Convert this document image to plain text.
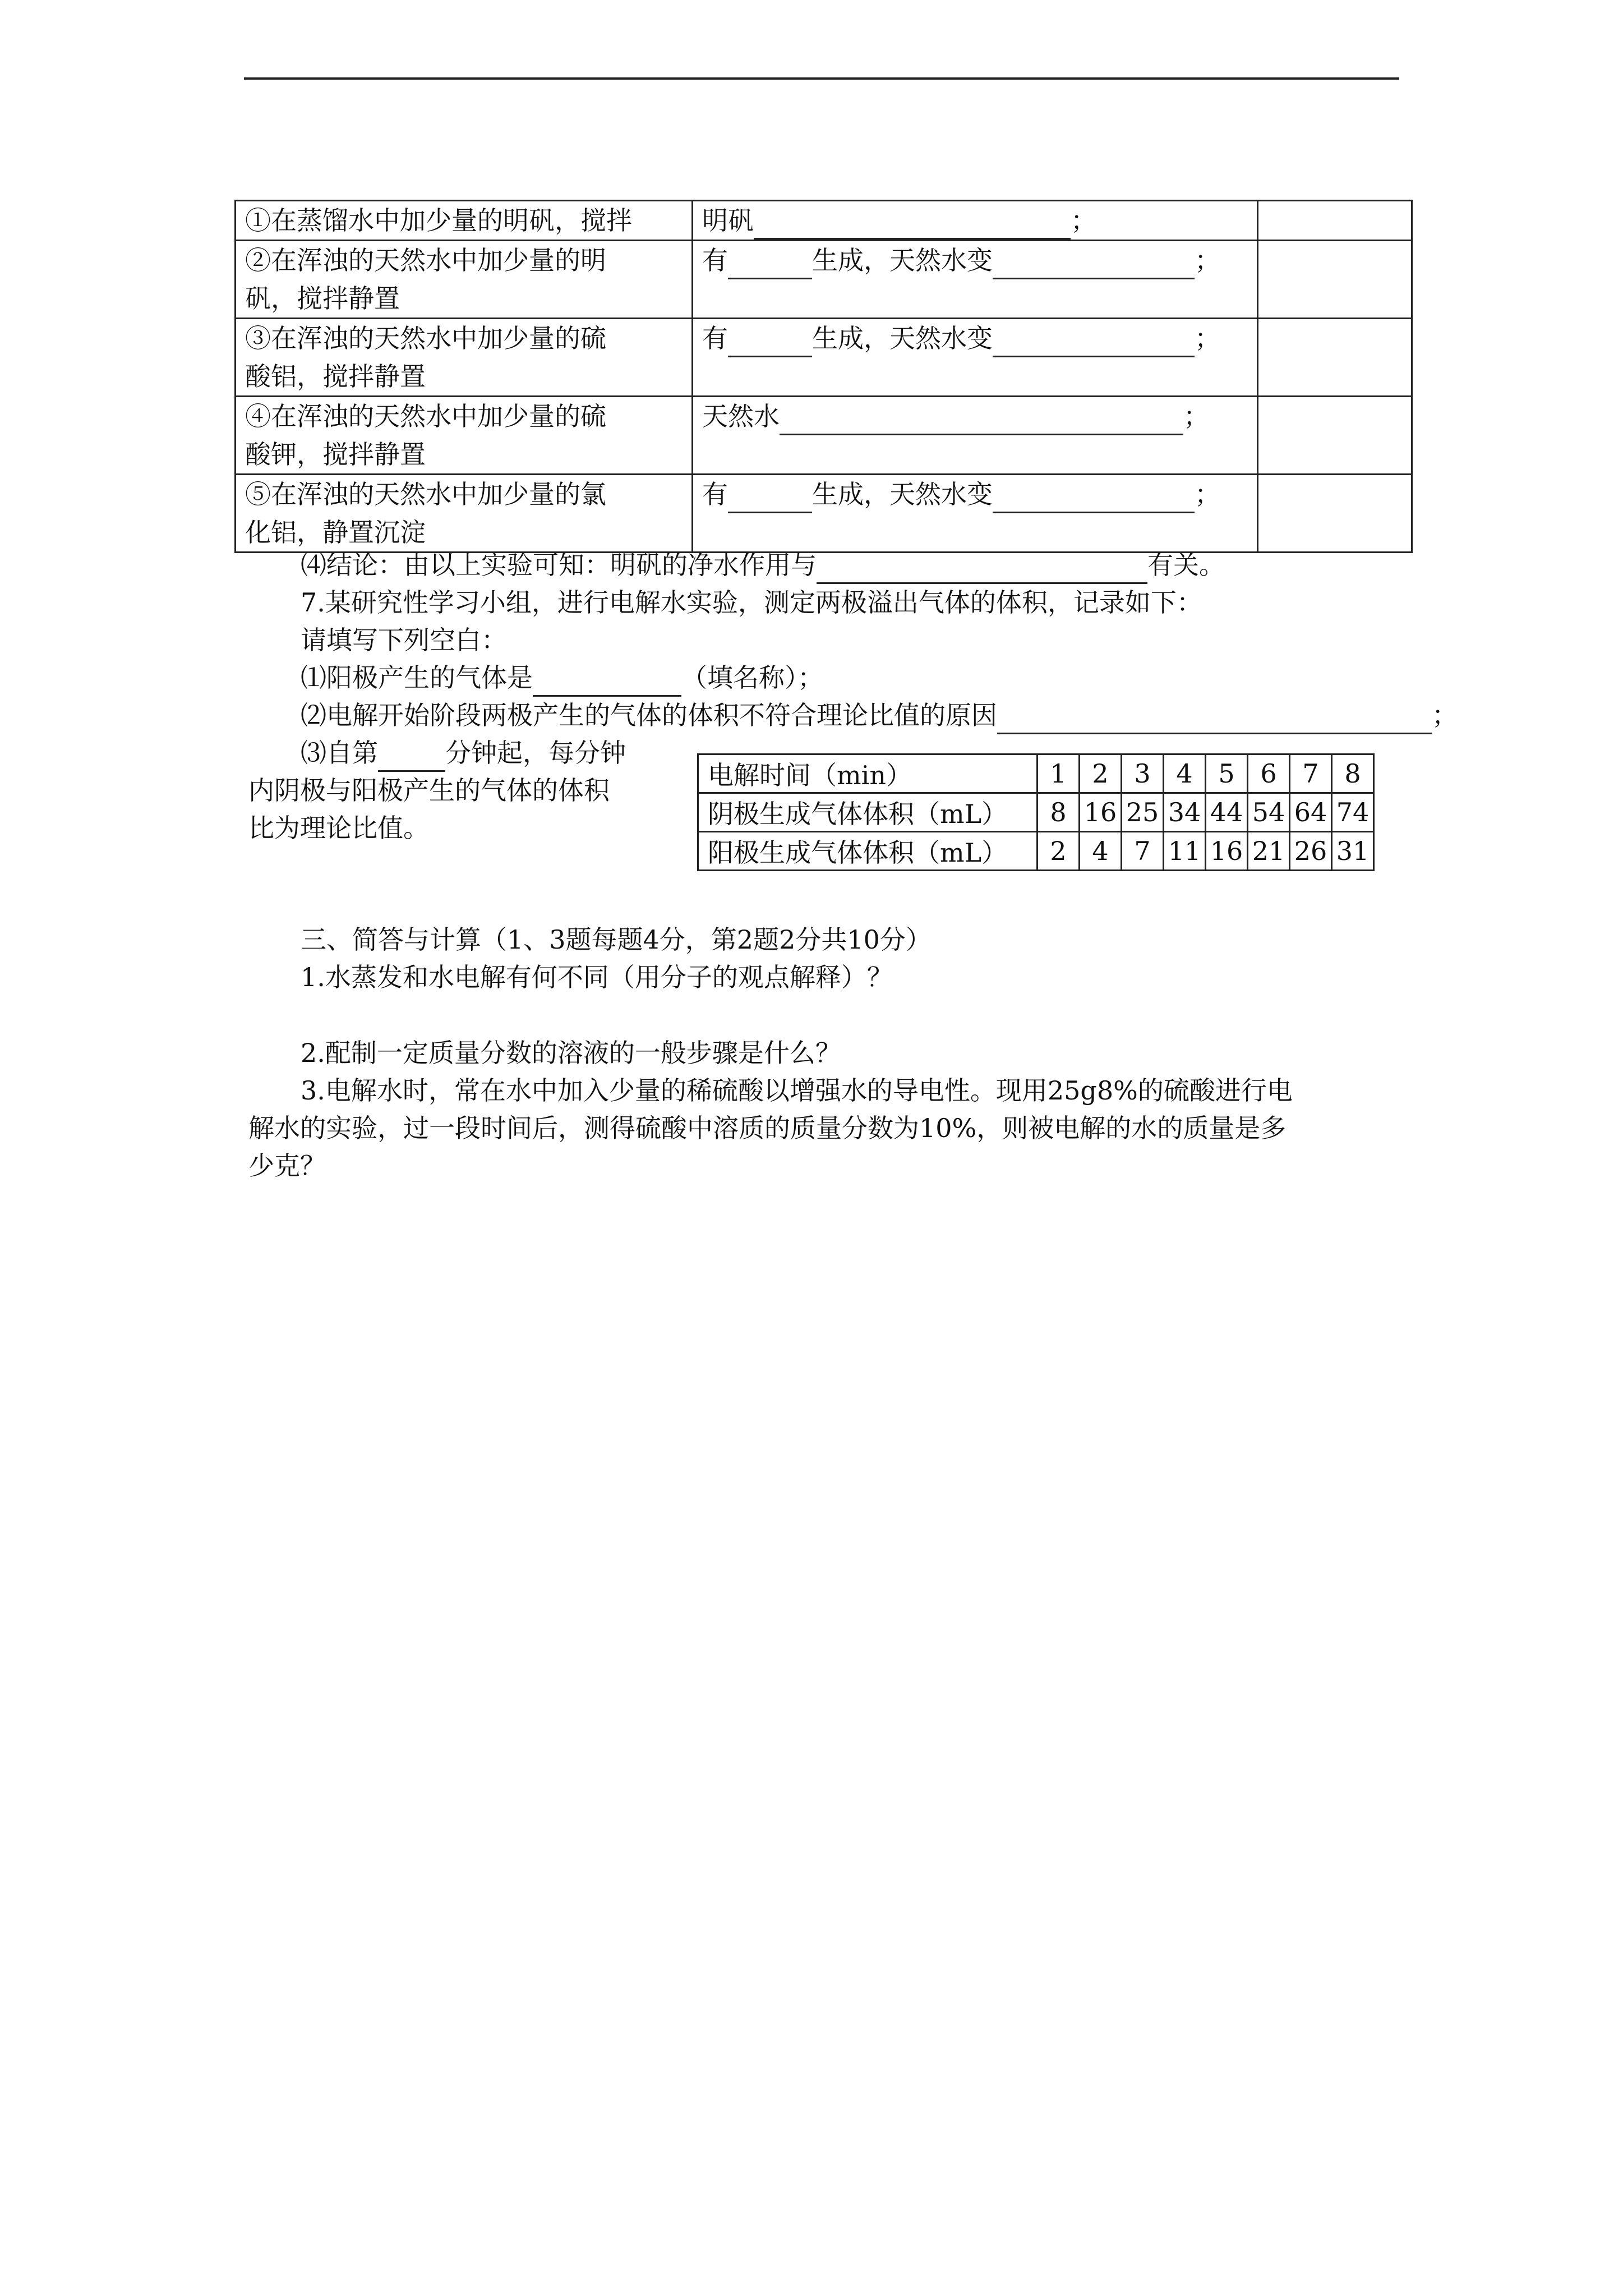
①在蒸馏水中加少量的明矾，搅拌	明矾 ；	
②在浑浊的天然水中加少量的明
矾，搅拌静置	有 生成，天然水变 ；	
③在浑浊的天然水中加少量的硫
酸铝，搅拌静置	有 生成，天然水变 ；	
④在浑浊的天然水中加少量的硫
酸钾，搅拌静置	天然水 ；	
⑤在浑浊的天然水中加少量的氯
化铝，静置沉淀	有 生成，天然水变 ；	
⑷结论：由以上实验可知：明矾的净水作用与	有关。
7.某研究性学习小组，进行电解水实验，测定两极溢出气体的体积，记录如下：
请填写下列空白：
⑴阳极产生的气体是	（填名称）；
⑵电解开始阶段两极产生的气体的体积不符合理论比值的原因	；
⑶自第	分钟起，每分钟
内阴极与阳极产生的气体的体积
比为理论比值。
电解时间（min）	1	2	3	4	5	6	7	8
阴极生成气体体积（mL）	8	16	25	34	44	54	64	74
阳极生成气体体积（mL）	2	4	7	11	16	21	26	31
三、简答与计算（1、3题每题4分，第2题2分共10分）
1.水蒸发和水电解有何不同（用分子的观点解释）？
2.配制一定质量分数的溶液的一般步骤是什么？
3.电解水时，常在水中加入少量的稀硫酸以增强水的导电性。现用25g8%的硫酸进行电
解水的实验，过一段时间后，测得硫酸中溶质的质量分数为10%，则被电解的水的质量是多
少克？
